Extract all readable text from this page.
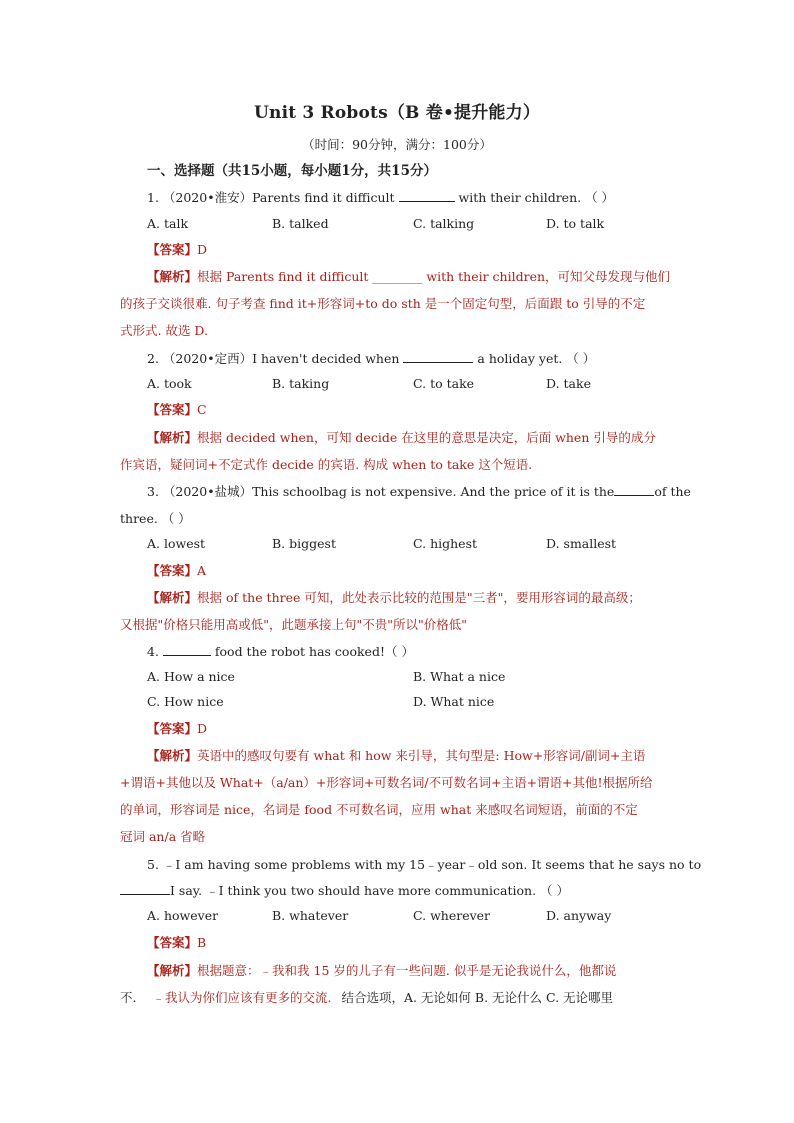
Unit 3 Robots（B 卷•提升能力）
（时间：90分钟，满分：100分）
一、选择题（共15小题，每小题1分，共15分）
1. （2020•淮安）Parents find it difficult	with their children. （ ）
A. talk	B. talked	C. talking	D. to talk
【答案】D
【解析】根据 Parents find it difficult ________ with their children，可知父母发现与他们
的孩子交谈很难. 句子考查 find it+形容词+to do sth 是一个固定句型，后面跟 to 引导的不定
式形式. 故选 D.
2. （2020•定西）I haven't decided when	a holiday yet. （ ）
A. took	B. taking	C. to take	D. take
【答案】C
【解析】根据 decided when，可知 decide 在这里的意思是决定，后面 when 引导的成分
作宾语，疑问词+不定式作 decide 的宾语. 构成 when to take 这个短语.
3. （2020•盐城）This schoolbag is not expensive. And the price of it is the	of the
three. （ ）
A. lowest	B. biggest	C. highest	D. smallest
【答案】A
【解析】根据 of the three 可知，此处表示比较的范围是"三者"，要用形容词的最高级；
又根据"价格只能用高或低"，此题承接上句"不贵"所以"价格低"
4.	food the robot has cooked!（ ）
A. How a nice	B. What a nice
C. How nice	D. What nice
【答案】D
【解析】英语中的感叹句要有 what 和 how 来引导，其句型是: How+形容词/副词+主语
+谓语+其他以及 What+（a/an）+形容词+可数名词/不可数名词+主语+谓语+其他!根据所给
的单词，形容词是 nice，名词是 food 不可数名词，应用 what 来感叹名词短语，前面的不定
冠词 an/a 省略
5. ﹣I am having some problems with my 15﹣year﹣old son. It seems that he says no to
I say. ﹣I think you two should have more communication. （ ）
A. however	B. whatever	C. wherever	D. anyway
【答案】B
【解析】根据题意：﹣我和我 15 岁的儿子有一些问题. 似乎是无论我说什么，他都说
不. ﹣我认为你们应该有更多的交流. 结合选项，A. 无论如何 B. 无论什么 C. 无论哪里
